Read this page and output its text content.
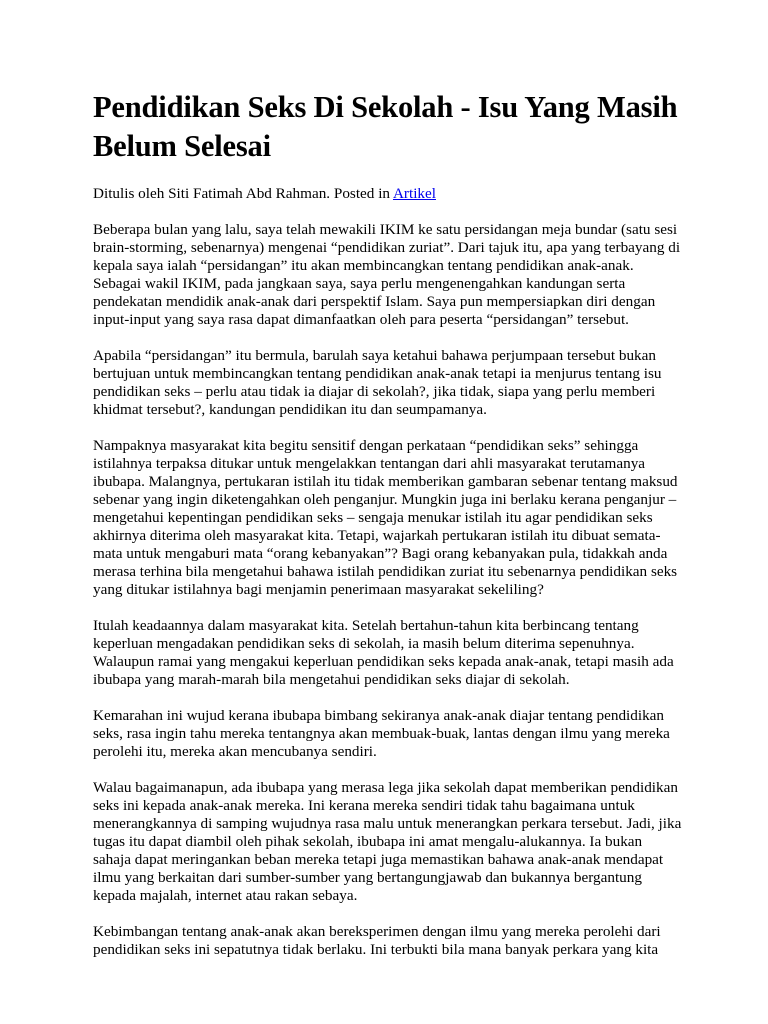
Pendidikan Seks Di Sekolah - Isu Yang Masih Belum Selesai

Ditulis oleh Siti Fatimah Abd Rahman. Posted in Artikel

Beberapa bulan yang lalu, saya telah mewakili IKIM ke satu persidangan meja bundar (satu sesi brain-storming, sebenarnya) mengenai “pendidikan zuriat”. Dari tajuk itu, apa yang terbayang di kepala saya ialah “persidangan” itu akan membincangkan tentang pendidikan anak-anak. Sebagai wakil IKIM, pada jangkaan saya, saya perlu mengenengahkan kandungan serta pendekatan mendidik anak-anak dari perspektif Islam. Saya pun mempersiapkan diri dengan input-input yang saya rasa dapat dimanfaatkan oleh para peserta “persidangan” tersebut.

Apabila “persidangan” itu bermula, barulah saya ketahui bahawa perjumpaan tersebut bukan bertujuan untuk membincangkan tentang pendidikan anak-anak tetapi ia menjurus tentang isu pendidikan seks – perlu atau tidak ia diajar di sekolah?, jika tidak, siapa yang perlu memberi khidmat tersebut?, kandungan pendidikan itu dan seumpamanya.

Nampaknya masyarakat kita begitu sensitif dengan perkataan “pendidikan seks” sehingga istilahnya terpaksa ditukar untuk mengelakkan tentangan dari ahli masyarakat terutamanya ibubapa. Malangnya, pertukaran istilah itu tidak memberikan gambaran sebenar tentang maksud sebenar yang ingin diketengahkan oleh penganjur. Mungkin juga ini berlaku kerana penganjur – mengetahui kepentingan pendidikan seks – sengaja menukar istilah itu agar pendidikan seks akhirnya diterima oleh masyarakat kita. Tetapi, wajarkah pertukaran istilah itu dibuat semata-mata untuk mengaburi mata “orang kebanyakan”? Bagi orang kebanyakan pula, tidakkah anda merasa terhina bila mengetahui bahawa istilah pendidikan zuriat itu sebenarnya pendidikan seks yang ditukar istilahnya bagi menjamin penerimaan masyarakat sekeliling?

Itulah keadaannya dalam masyarakat kita. Setelah bertahun-tahun kita berbincang tentang keperluan mengadakan pendidikan seks di sekolah, ia masih belum diterima sepenuhnya. Walaupun ramai yang mengakui keperluan pendidikan seks kepada anak-anak, tetapi masih ada ibubapa yang marah-marah bila mengetahui pendidikan seks diajar di sekolah.

Kemarahan ini wujud kerana ibubapa bimbang sekiranya anak-anak diajar tentang pendidikan seks, rasa ingin tahu mereka tentangnya akan membuak-buak, lantas dengan ilmu yang mereka perolehi itu, mereka akan mencubanya sendiri.

Walau bagaimanapun, ada ibubapa yang merasa lega jika sekolah dapat memberikan pendidikan seks ini kepada anak-anak mereka. Ini kerana mereka sendiri tidak tahu bagaimana untuk menerangkannya di samping wujudnya rasa malu untuk menerangkan perkara tersebut. Jadi, jika tugas itu dapat diambil oleh pihak sekolah, ibubapa ini amat mengalu-alukannya. Ia bukan sahaja dapat meringankan beban mereka tetapi juga memastikan bahawa anak-anak mendapat ilmu yang berkaitan dari sumber-sumber yang bertangungjawab dan bukannya bergantung kepada majalah, internet atau rakan sebaya.

Kebimbangan tentang anak-anak akan bereksperimen dengan ilmu yang mereka perolehi dari pendidikan seks ini sepatutnya tidak berlaku. Ini terbukti bila mana banyak perkara yang kita
